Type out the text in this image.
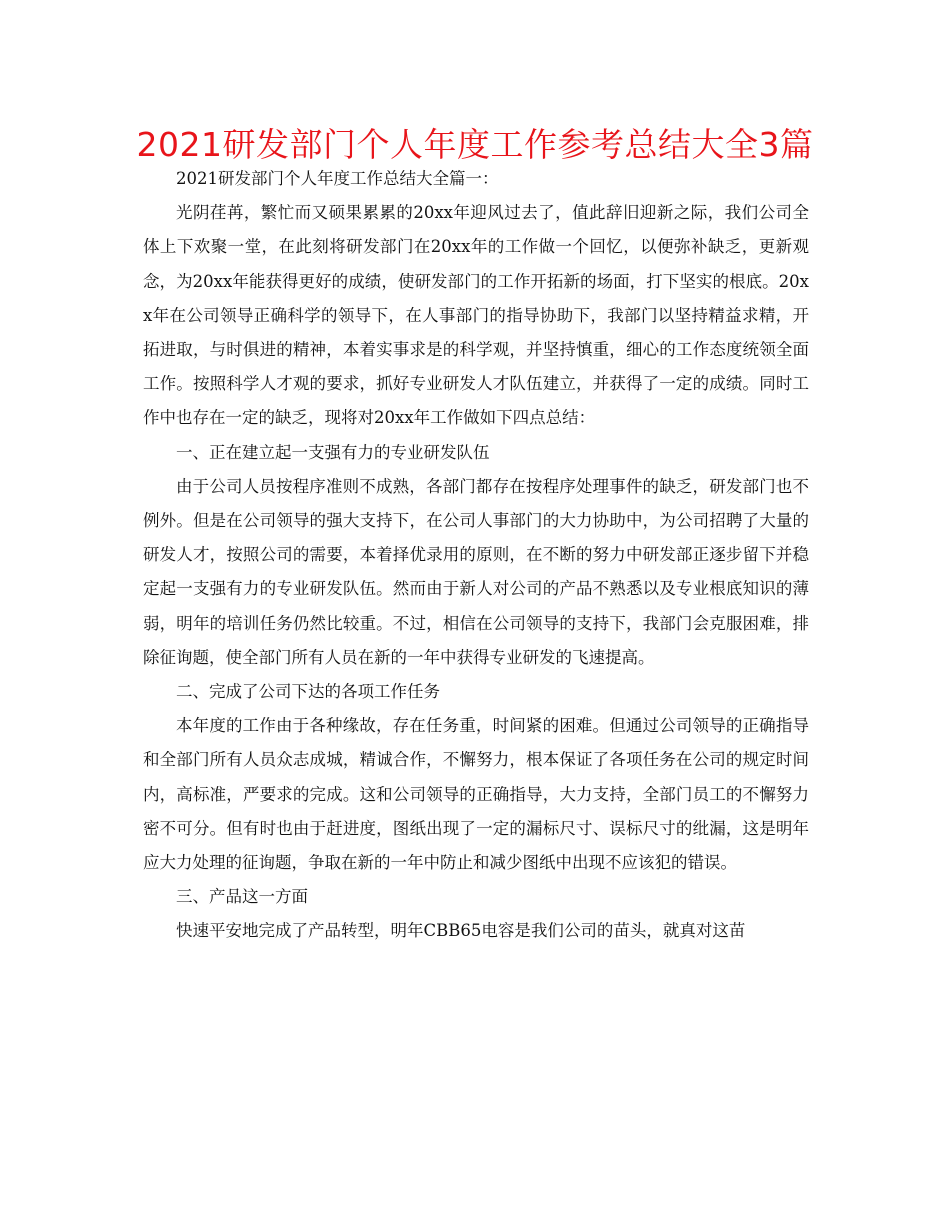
2021研发部门个人年度工作参考总结大全3篇

2021研发部门个人年度工作总结大全篇一：

光阴荏苒，繁忙而又硕果累累的20xx年迎风过去了，值此辞旧迎新之际，我们公司全体上下欢聚一堂，在此刻将研发部门在20xx年的工作做一个回忆，以便弥补缺乏，更新观念，为20xx年能获得更好的成绩，使研发部门的工作开拓新的场面，打下坚实的根底。20xx年在公司领导正确科学的领导下，在人事部门的指导协助下，我部门以坚持精益求精，开拓进取，与时俱进的精神，本着实事求是的科学观，并坚持慎重，细心的工作态度统领全面工作。按照科学人才观的要求，抓好专业研发人才队伍建立，并获得了一定的成绩。同时工作中也存在一定的缺乏，现将对20xx年工作做如下四点总结：

一、正在建立起一支强有力的专业研发队伍

由于公司人员按程序准则不成熟，各部门都存在按程序处理事件的缺乏，研发部门也不例外。但是在公司领导的强大支持下，在公司人事部门的大力协助中，为公司招聘了大量的研发人才，按照公司的需要，本着择优录用的原则，在不断的努力中研发部正逐步留下并稳定起一支强有力的专业研发队伍。然而由于新人对公司的产品不熟悉以及专业根底知识的薄弱，明年的培训任务仍然比较重。不过，相信在公司领导的支持下，我部门会克服困难，排除征询题，使全部门所有人员在新的一年中获得专业研发的飞速提高。

二、完成了公司下达的各项工作任务

本年度的工作由于各种缘故，存在任务重，时间紧的困难。但通过公司领导的正确指导和全部门所有人员众志成城，精诚合作，不懈努力，根本保证了各项任务在公司的规定时间内，高标准，严要求的完成。这和公司领导的正确指导，大力支持，全部门员工的不懈努力密不可分。但有时也由于赶进度，图纸出现了一定的漏标尺寸、误标尺寸的纰漏，这是明年应大力处理的征询题，争取在新的一年中防止和减少图纸中出现不应该犯的错误。

三、产品这一方面

快速平安地完成了产品转型，明年CBB65电容是我们公司的苗头，就真对这苗
